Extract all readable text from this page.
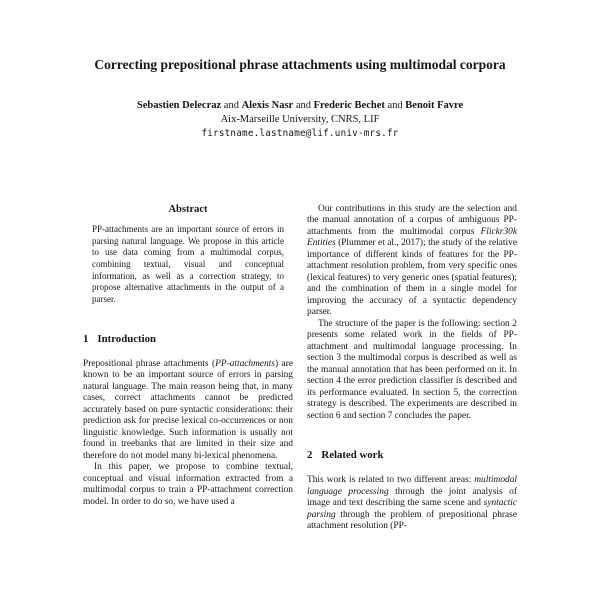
Correcting prepositional phrase attachments using multimodal corpora
Sebastien Delecraz and Alexis Nasr and Frederic Bechet and Benoit Favre
Aix-Marseille University, CNRS, LIF
firstname.lastname@lif.univ-mrs.fr
Abstract

PP-attachments are an important source of errors in parsing natural language. We propose in this article to use data coming from a multimodal corpus, combining textual, visual and conceptual information, as well as a correction strategy, to propose alternative attachments in the output of a parser.

1 Introduction

Prepositional phrase attachments (PP-attachments) are known to be an important source of errors in parsing natural language. The main reason being that, in many cases, correct attachments cannot be predicted accurately based on pure syntactic considerations: their prediction ask for precise lexical co-occurrences or non linguistic knowledge. Such information is usually not found in treebanks that are limited in their size and therefore do not model many bi-lexical phenomena.

In this paper, we propose to combine textual, conceptual and visual information extracted from a multimodal corpus to train a PP-attachment correction model. In order to do so, we have used a

Our contributions in this study are the selection and the manual annotation of a corpus of ambiguous PP-attachments from the multimodal corpus Flickr30k Entities (Plummer et al., 2017); the study of the relative importance of different kinds of features for the PP-attachment resolution problem, from very specific ones (lexical features) to very generic ones (spatial features); and the combination of them in a single model for improving the accuracy of a syntactic dependency parser.

The structure of the paper is the following: section 2 presents some related work in the fields of PP-attachment and multimodal language processing. In section 3 the multimodal corpus is described as well as the manual annotation that has been performed on it. In section 4 the error prediction classifier is described and its performance evaluated. In section 5, the correction strategy is described. The experiments are described in section 6 and section 7 concludes the paper.

2 Related work

This work is related to two different areas: multimodal language processing through the joint analysis of image and text describing the same scene and syntactic parsing through the problem of prepositional phrase attachment resolution (PP-
